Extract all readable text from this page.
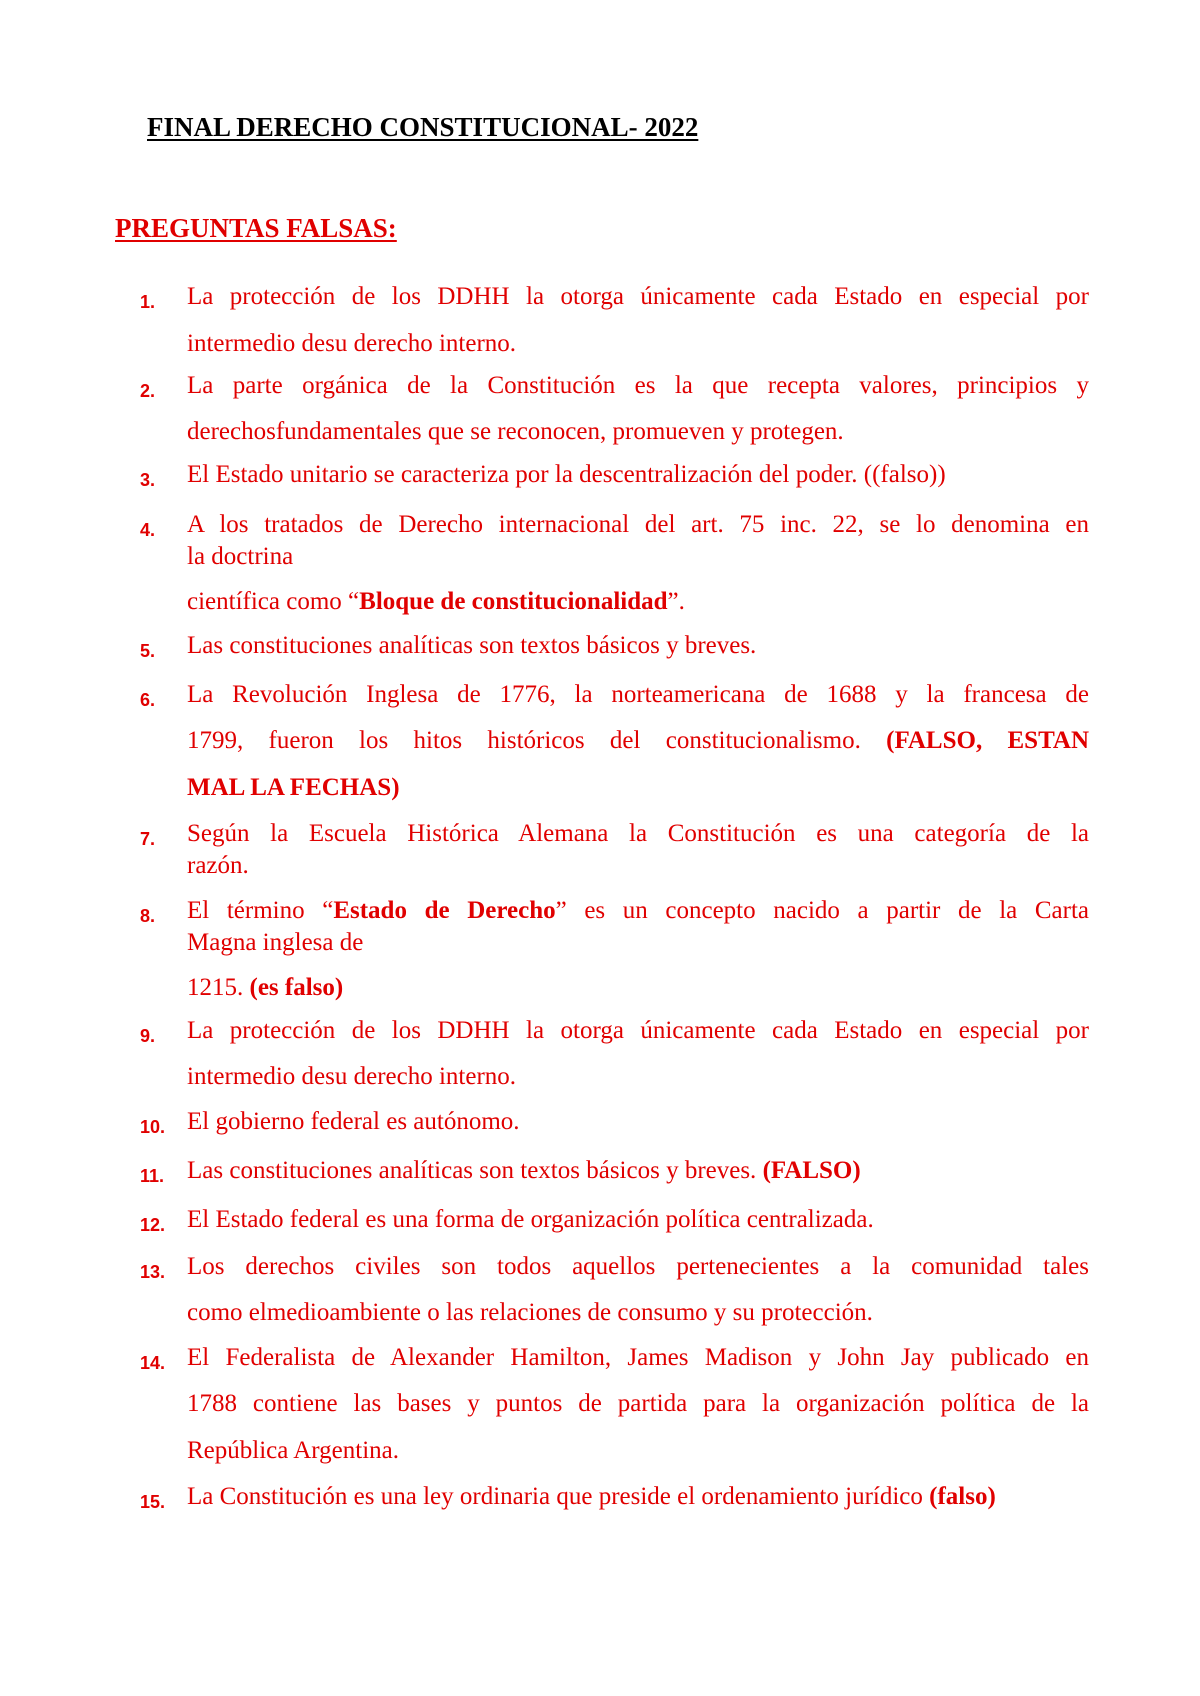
FINAL DERECHO CONSTITUCIONAL- 2022
PREGUNTAS FALSAS:
1.	La protección de los DDHH la otorga únicamente cada Estado en especial por
intermedio desu derecho interno.
2.	La parte orgánica de la Constitución es la que recepta valores, principios y
derechosfundamentales que se reconocen, promueven y protegen.
3.	El Estado unitario se caracteriza por la descentralización del poder. ((falso))
4.	A los tratados de Derecho internacional del art. 75 inc. 22, se lo denomina en
la doctrina
científica como “Bloque de constitucionalidad”.
5.	Las constituciones analíticas son textos básicos y breves.
6.	La Revolución Inglesa de 1776, la norteamericana de 1688 y la francesa de
1799, fueron los hitos históricos del constitucionalismo. (FALSO, ESTAN
MAL LA FECHAS)
7.	Según la Escuela Histórica Alemana la Constitución es una categoría de la
razón.
8.	El término “Estado de Derecho” es un concepto nacido a partir de la Carta
Magna inglesa de
1215. (es falso)
9.	La protección de los DDHH la otorga únicamente cada Estado en especial por
intermedio desu derecho interno.
10. El gobierno federal es autónomo.
11. Las constituciones analíticas son textos básicos y breves. (FALSO)
12. El Estado federal es una forma de organización política centralizada.
13. Los derechos civiles son todos aquellos pertenecientes a la comunidad tales
como elmedioambiente o las relaciones de consumo y su protección.
14. El Federalista de Alexander Hamilton, James Madison y John Jay publicado en
1788 contiene las bases y puntos de partida para la organización política de la
República Argentina.
15. La Constitución es una ley ordinaria que preside el ordenamiento jurídico (falso)
